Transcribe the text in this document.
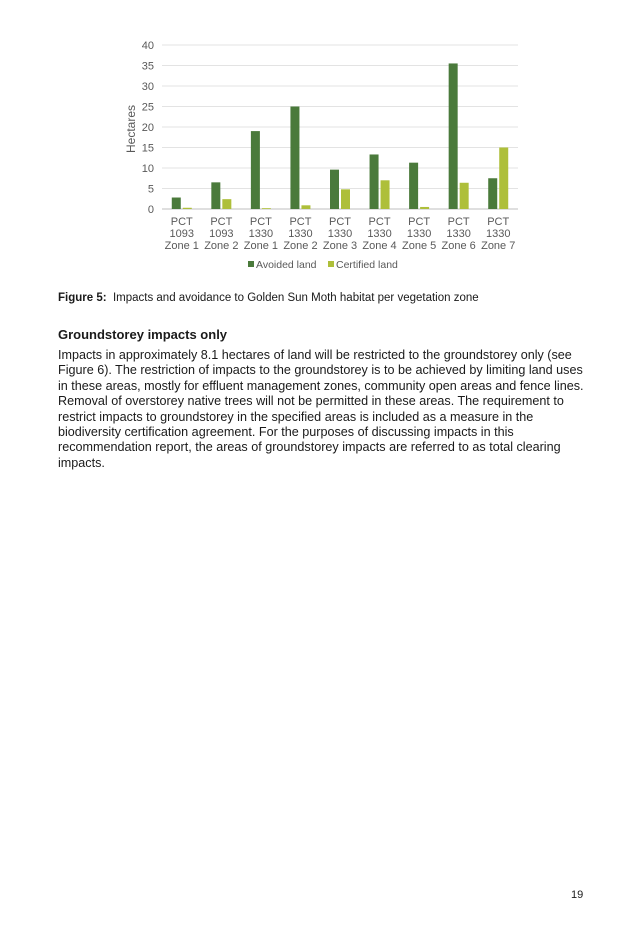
0
5
10
15
20
25
30
35
40
Hectares
PCT
1093
Zone 1
PCT
1093
Zone 2
PCT
1330
Zone 1
PCT
1330
Zone 2
PCT
1330
Zone 3
PCT
1330
Zone 4
PCT
1330
Zone 5
PCT
1330
Zone 6
PCT
1330
Zone 7
Avoided land Certified land
Figure 5: Impacts and avoidance to Golden Sun Moth habitat per vegetation zone
Groundstorey impacts only

Impacts in approximately 8.1 hectares of land will be restricted to the groundstorey only (see Figure 6). The restriction of impacts to the groundstorey is to be achieved by limiting land uses in these areas, mostly for effluent management zones, community open areas and fence lines. Removal of overstorey native trees will not be permitted in these areas. The requirement to restrict impacts to groundstorey in the specified areas is included as a measure in the biodiversity certification agreement. For the purposes of discussing impacts in this recommendation report, the areas of groundstorey impacts are referred to as total clearing impacts.

19
